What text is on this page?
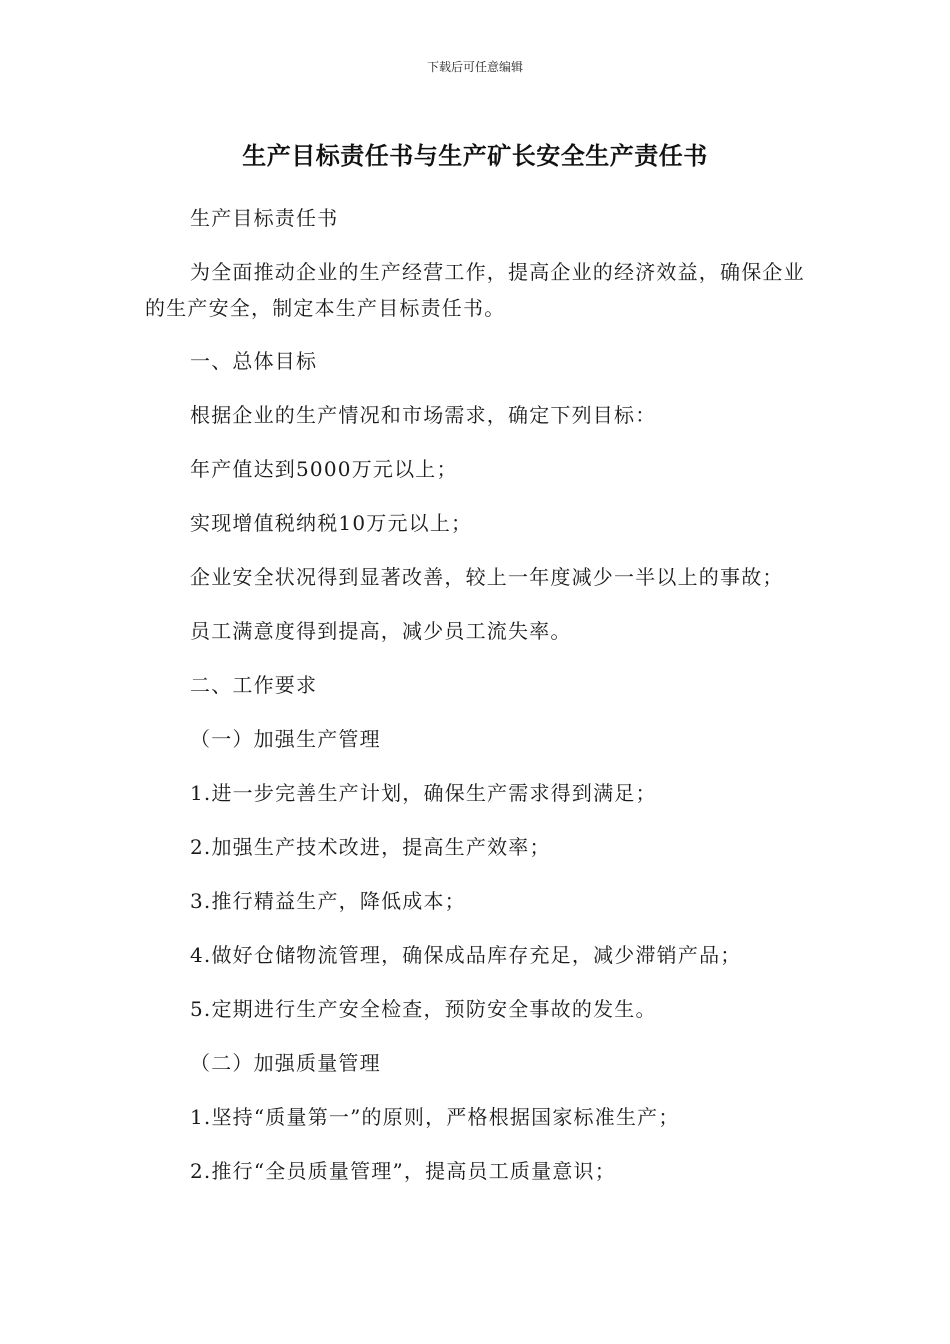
下载后可任意编辑
生产目标责任书与生产矿长安全生产责任书

生产目标责任书

为全面推动企业的生产经营工作，提高企业的经济效益，确保企业的生产安全，制定本生产目标责任书。

一、总体目标

根据企业的生产情况和市场需求，确定下列目标：

年产值达到5000万元以上；

实现增值税纳税10万元以上；

企业安全状况得到显著改善，较上一年度减少一半以上的事故；

员工满意度得到提高，减少员工流失率。

二、工作要求

（一）加强生产管理

1.进一步完善生产计划，确保生产需求得到满足；

2.加强生产技术改进，提高生产效率；

3.推行精益生产，降低成本；

4.做好仓储物流管理，确保成品库存充足，减少滞销产品；

5.定期进行生产安全检查，预防安全事故的发生。

（二）加强质量管理

1.坚持“质量第一”的原则，严格根据国家标准生产；

2.推行“全员质量管理”，提高员工质量意识；
